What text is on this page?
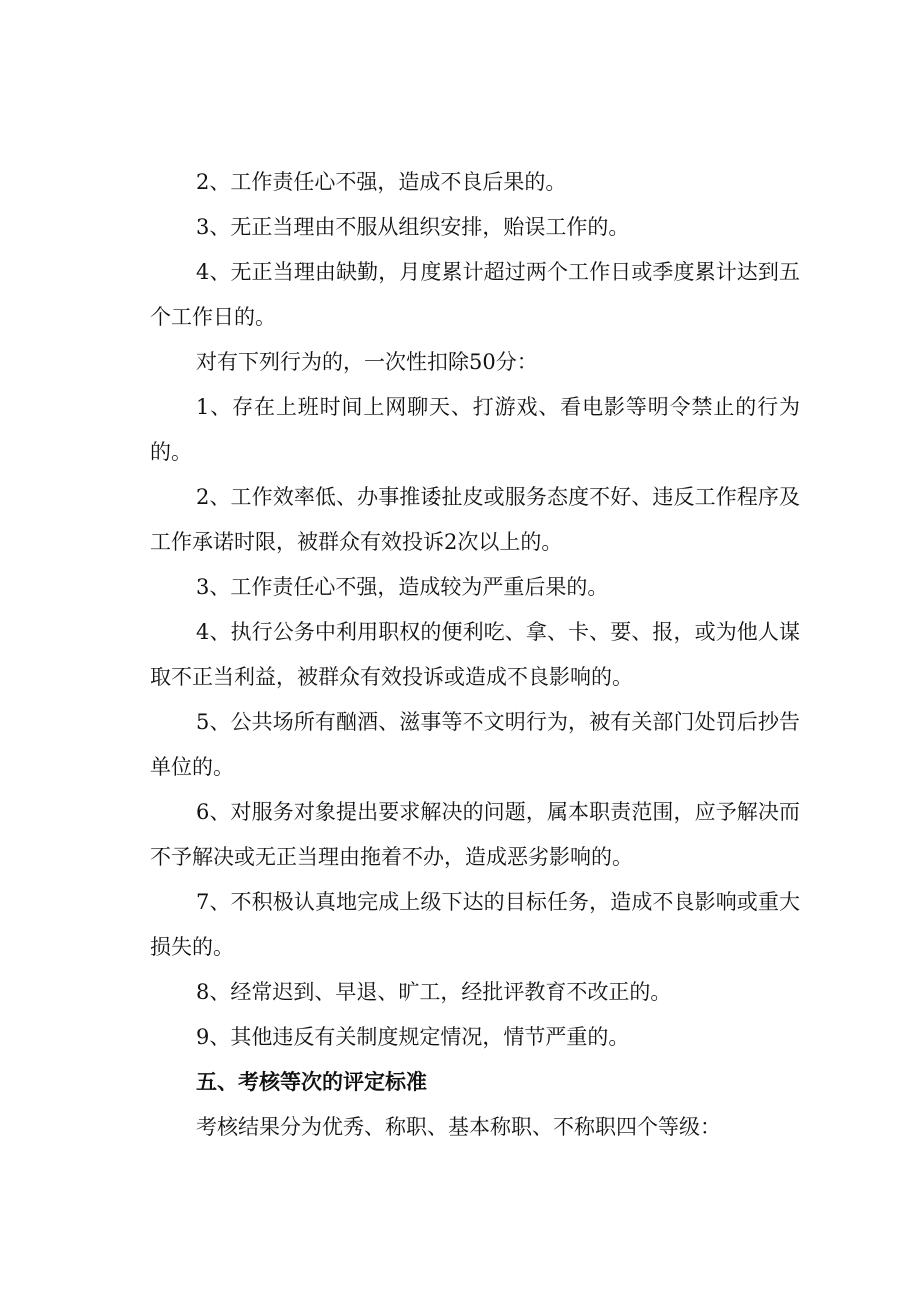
2、工作责任心不强，造成不良后果的。

3、无正当理由不服从组织安排，贻误工作的。

4、无正当理由缺勤，月度累计超过两个工作日或季度累计达到五个工作日的。

对有下列行为的，一次性扣除50分：

1、存在上班时间上网聊天、打游戏、看电影等明令禁止的行为的。

2、工作效率低、办事推诿扯皮或服务态度不好、违反工作程序及工作承诺时限，被群众有效投诉2次以上的。

3、工作责任心不强，造成较为严重后果的。

4、执行公务中利用职权的便利吃、拿、卡、要、报，或为他人谋取不正当利益，被群众有效投诉或造成不良影响的。

5、公共场所有酗酒、滋事等不文明行为，被有关部门处罚后抄告单位的。

6、对服务对象提出要求解决的问题，属本职责范围，应予解决而不予解决或无正当理由拖着不办，造成恶劣影响的。

7、不积极认真地完成上级下达的目标任务，造成不良影响或重大损失的。

8、经常迟到、早退、旷工，经批评教育不改正的。

9、其他违反有关制度规定情况，情节严重的。

五、考核等次的评定标准

考核结果分为优秀、称职、基本称职、不称职四个等级：
